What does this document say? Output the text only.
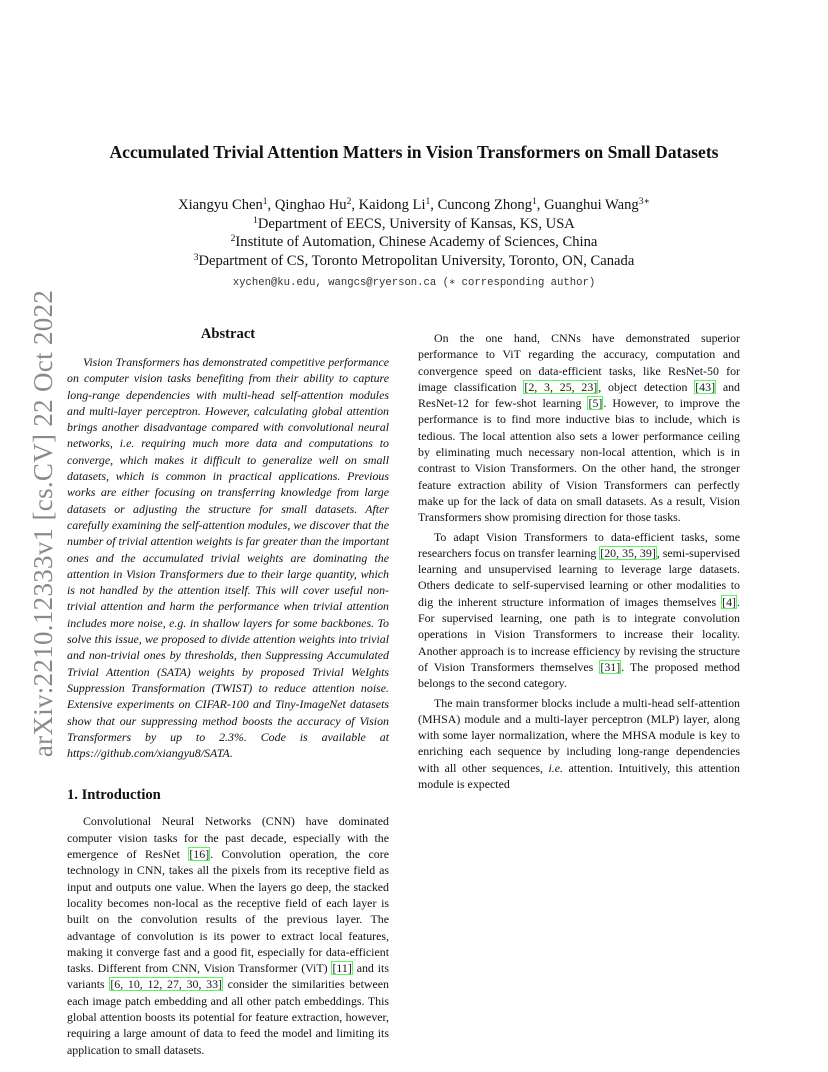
arXiv:2210.12333v1 [cs.CV] 22 Oct 2022
Accumulated Trivial Attention Matters in Vision Transformers on Small Datasets
Xiangyu Chen$^1$, Qinghao Hu$^2$, Kaidong Li$^1$, Cuncong Zhong$^1$, Guanghui Wang$^{3∗}$
$^1$Department of EECS, University of Kansas, KS, USA
$^2$Institute of Automation, Chinese Academy of Sciences, China
$^3$Department of CS, Toronto Metropolitan University, Toronto, ON, Canada
xychen@ku.edu, wangcs@ryerson.ca (∗ corresponding author)
Abstract

Vision Transformers has demonstrated competitive performance on computer vision tasks benefiting from their ability to capture long-range dependencies with multi-head self-attention modules and multi-layer perceptron. However, calculating global attention brings another disadvantage compared with convolutional neural networks, i.e. requiring much more data and computations to converge, which makes it difficult to generalize well on small datasets, which is common in practical applications. Previous works are either focusing on transferring knowledge from large datasets or adjusting the structure for small datasets. After carefully examining the self-attention modules, we discover that the number of trivial attention weights is far greater than the important ones and the accumulated trivial weights are dominating the attention in Vision Transformers due to their large quantity, which is not handled by the attention itself. This will cover useful non-trivial attention and harm the performance when trivial attention includes more noise, e.g. in shallow layers for some backbones. To solve this issue, we proposed to divide attention weights into trivial and non-trivial ones by thresholds, then Suppressing Accumulated Trivial Attention (SATA) weights by proposed Trivial WeIghts Suppression Transformation (TWIST) to reduce attention noise. Extensive experiments on CIFAR-100 and Tiny-ImageNet datasets show that our suppressing method boosts the accuracy of Vision Transformers by up to 2.3%. Code is available at https://github.com/xiangyu8/SATA.

1. Introduction

Convolutional Neural Networks (CNN) have dominated computer vision tasks for the past decade, especially with the emergence of ResNet [16]. Convolution operation, the core technology in CNN, takes all the pixels from its receptive field as input and outputs one value. When the layers go deep, the stacked locality becomes non-local as the receptive field of each layer is built on the convolution results of the previous layer. The advantage of convolution is its power to extract local features, making it converge fast and a good fit, especially for data-efficient tasks. Different from CNN, Vision Transformer (ViT) [11] and its variants [6, 10, 12, 27, 30, 33] consider the similarities between each image patch embedding and all other patch embeddings. This global attention boosts its potential for feature extraction, however, requiring a large amount of data to feed the model and limiting its application to small datasets.

On the one hand, CNNs have demonstrated superior performance to ViT regarding the accuracy, computation and convergence speed on data-efficient tasks, like ResNet-50 for image classification [2, 3, 25, 23], object detection [43] and ResNet-12 for few-shot learning [5]. However, to improve the performance is to find more inductive bias to include, which is tedious. The local attention also sets a lower performance ceiling by eliminating much necessary non-local attention, which is in contrast to Vision Transformers. On the other hand, the stronger feature extraction ability of Vision Transformers can perfectly make up for the lack of data on small datasets. As a result, Vision Transformers show promising direction for those tasks.

To adapt Vision Transformers to data-efficient tasks, some researchers focus on transfer learning [20, 35, 39], semi-supervised learning and unsupervised learning to leverage large datasets. Others dedicate to self-supervised learning or other modalities to dig the inherent structure information of images themselves [4]. For supervised learning, one path is to integrate convolution operations in Vision Transformers to increase their locality. Another approach is to increase efficiency by revising the structure of Vision Transformers themselves [31]. The proposed method belongs to the second category.

The main transformer blocks include a multi-head self-attention (MHSA) module and a multi-layer perceptron (MLP) layer, along with some layer normalization, where the MHSA module is key to enriching each sequence by including long-range dependencies with all other sequences, i.e. attention. Intuitively, this attention module is expected
